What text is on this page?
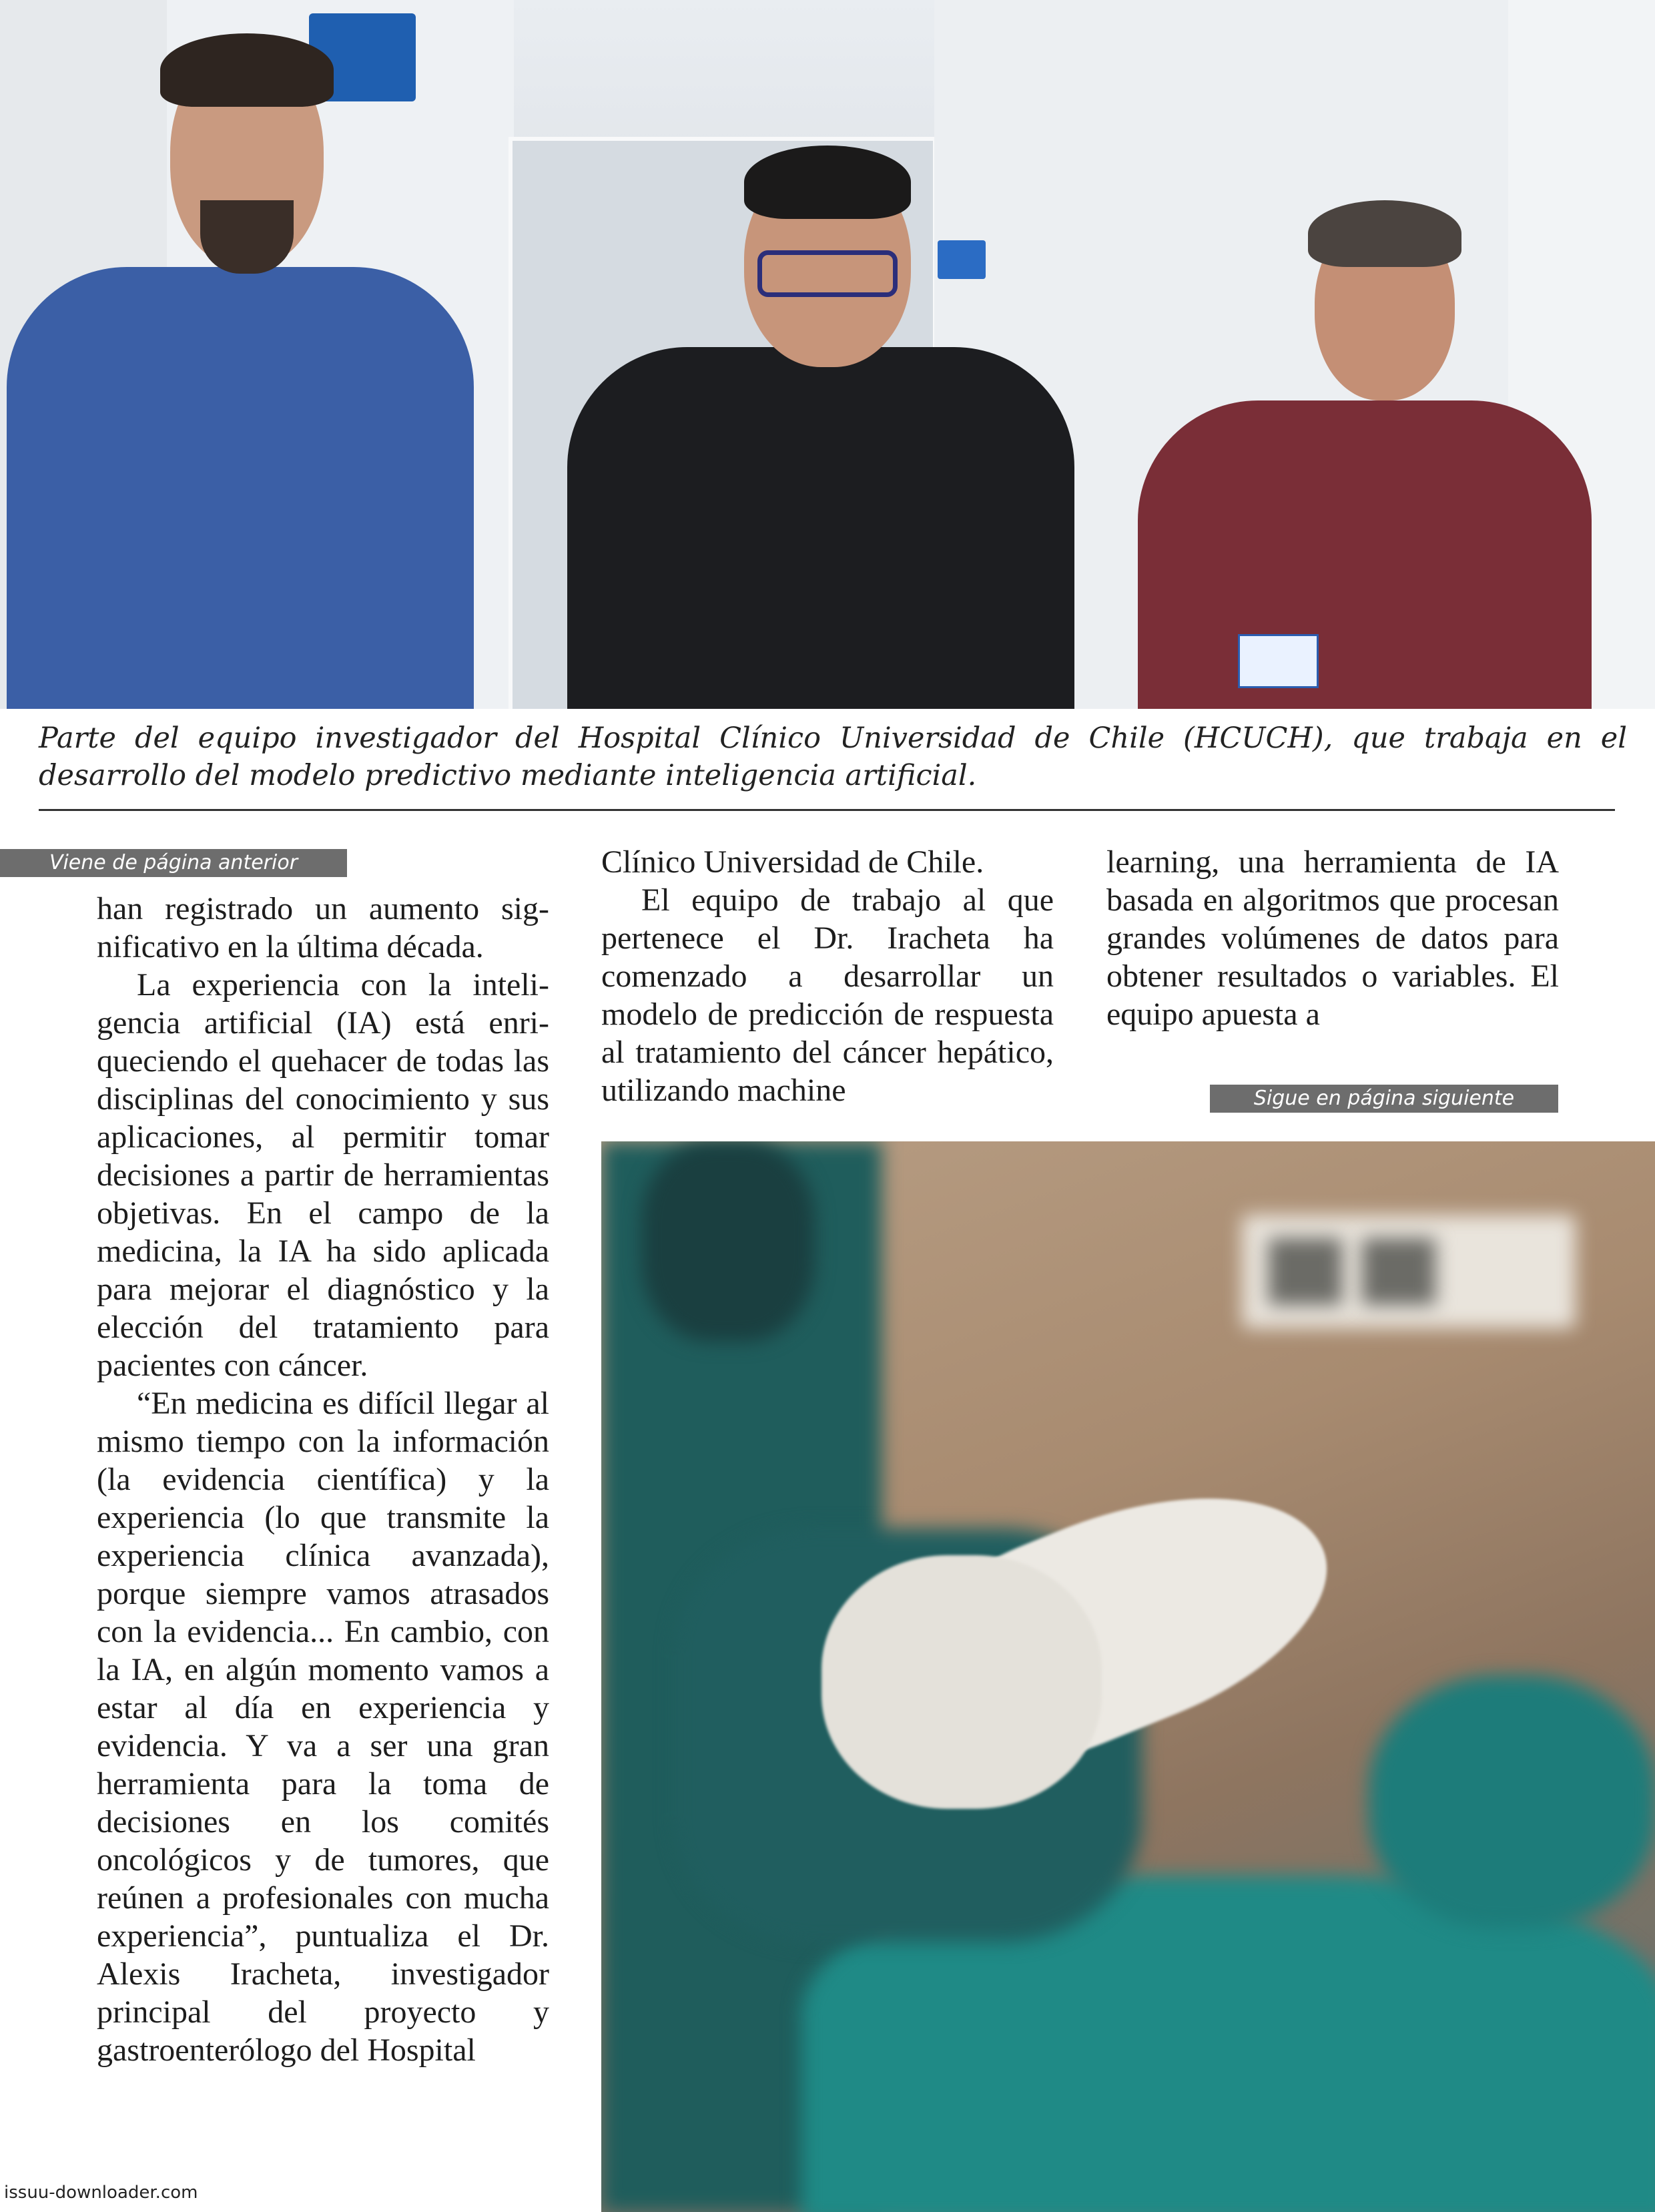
Parte del equipo investigador del Hospital Clínico Universidad de Chile (HCUCH), que trabaja en el desarrollo del modelo predictivo mediante inteligencia artificial.
Viene de página anterior
Sigue en página siguiente

han registrado un aumento significativo en la última década.

La experiencia con la inteligencia artificial (IA) está enriqueciendo el quehacer de todas las disciplinas del conocimiento y sus aplicaciones, al permitir tomar decisiones a partir de herramientas objetivas. En el campo de la medicina, la IA ha sido aplicada para mejorar el diagnóstico y la elección del tratamiento para pacientes con cáncer.

“En medicina es difícil llegar al mismo tiempo con la información (la evidencia científica) y la experiencia (lo que transmite la experiencia clínica avanzada), porque siempre vamos atrasados con la evidencia... En cambio, con la IA, en algún momento vamos a estar al día en experiencia y evidencia. Y va a ser una gran herramienta para la toma de decisiones en los comités oncológicos y de tumores, que reúnen a profesionales con mucha experiencia”, puntualiza el Dr. Alexis Iracheta, investigador principal del proyecto y gastroenterólogo del Hospital

Clínico Universidad de Chile.

El equipo de trabajo al que pertenece el Dr. Iracheta ha comenzado a desarrollar un modelo de predicción de respuesta al tratamiento del cáncer hepático, utilizando machine

learning, una herramienta de IA basada en algoritmos que procesan grandes volúmenes de datos para obtener resultados o variables. El equipo apuesta a

issuu-downloader.com
